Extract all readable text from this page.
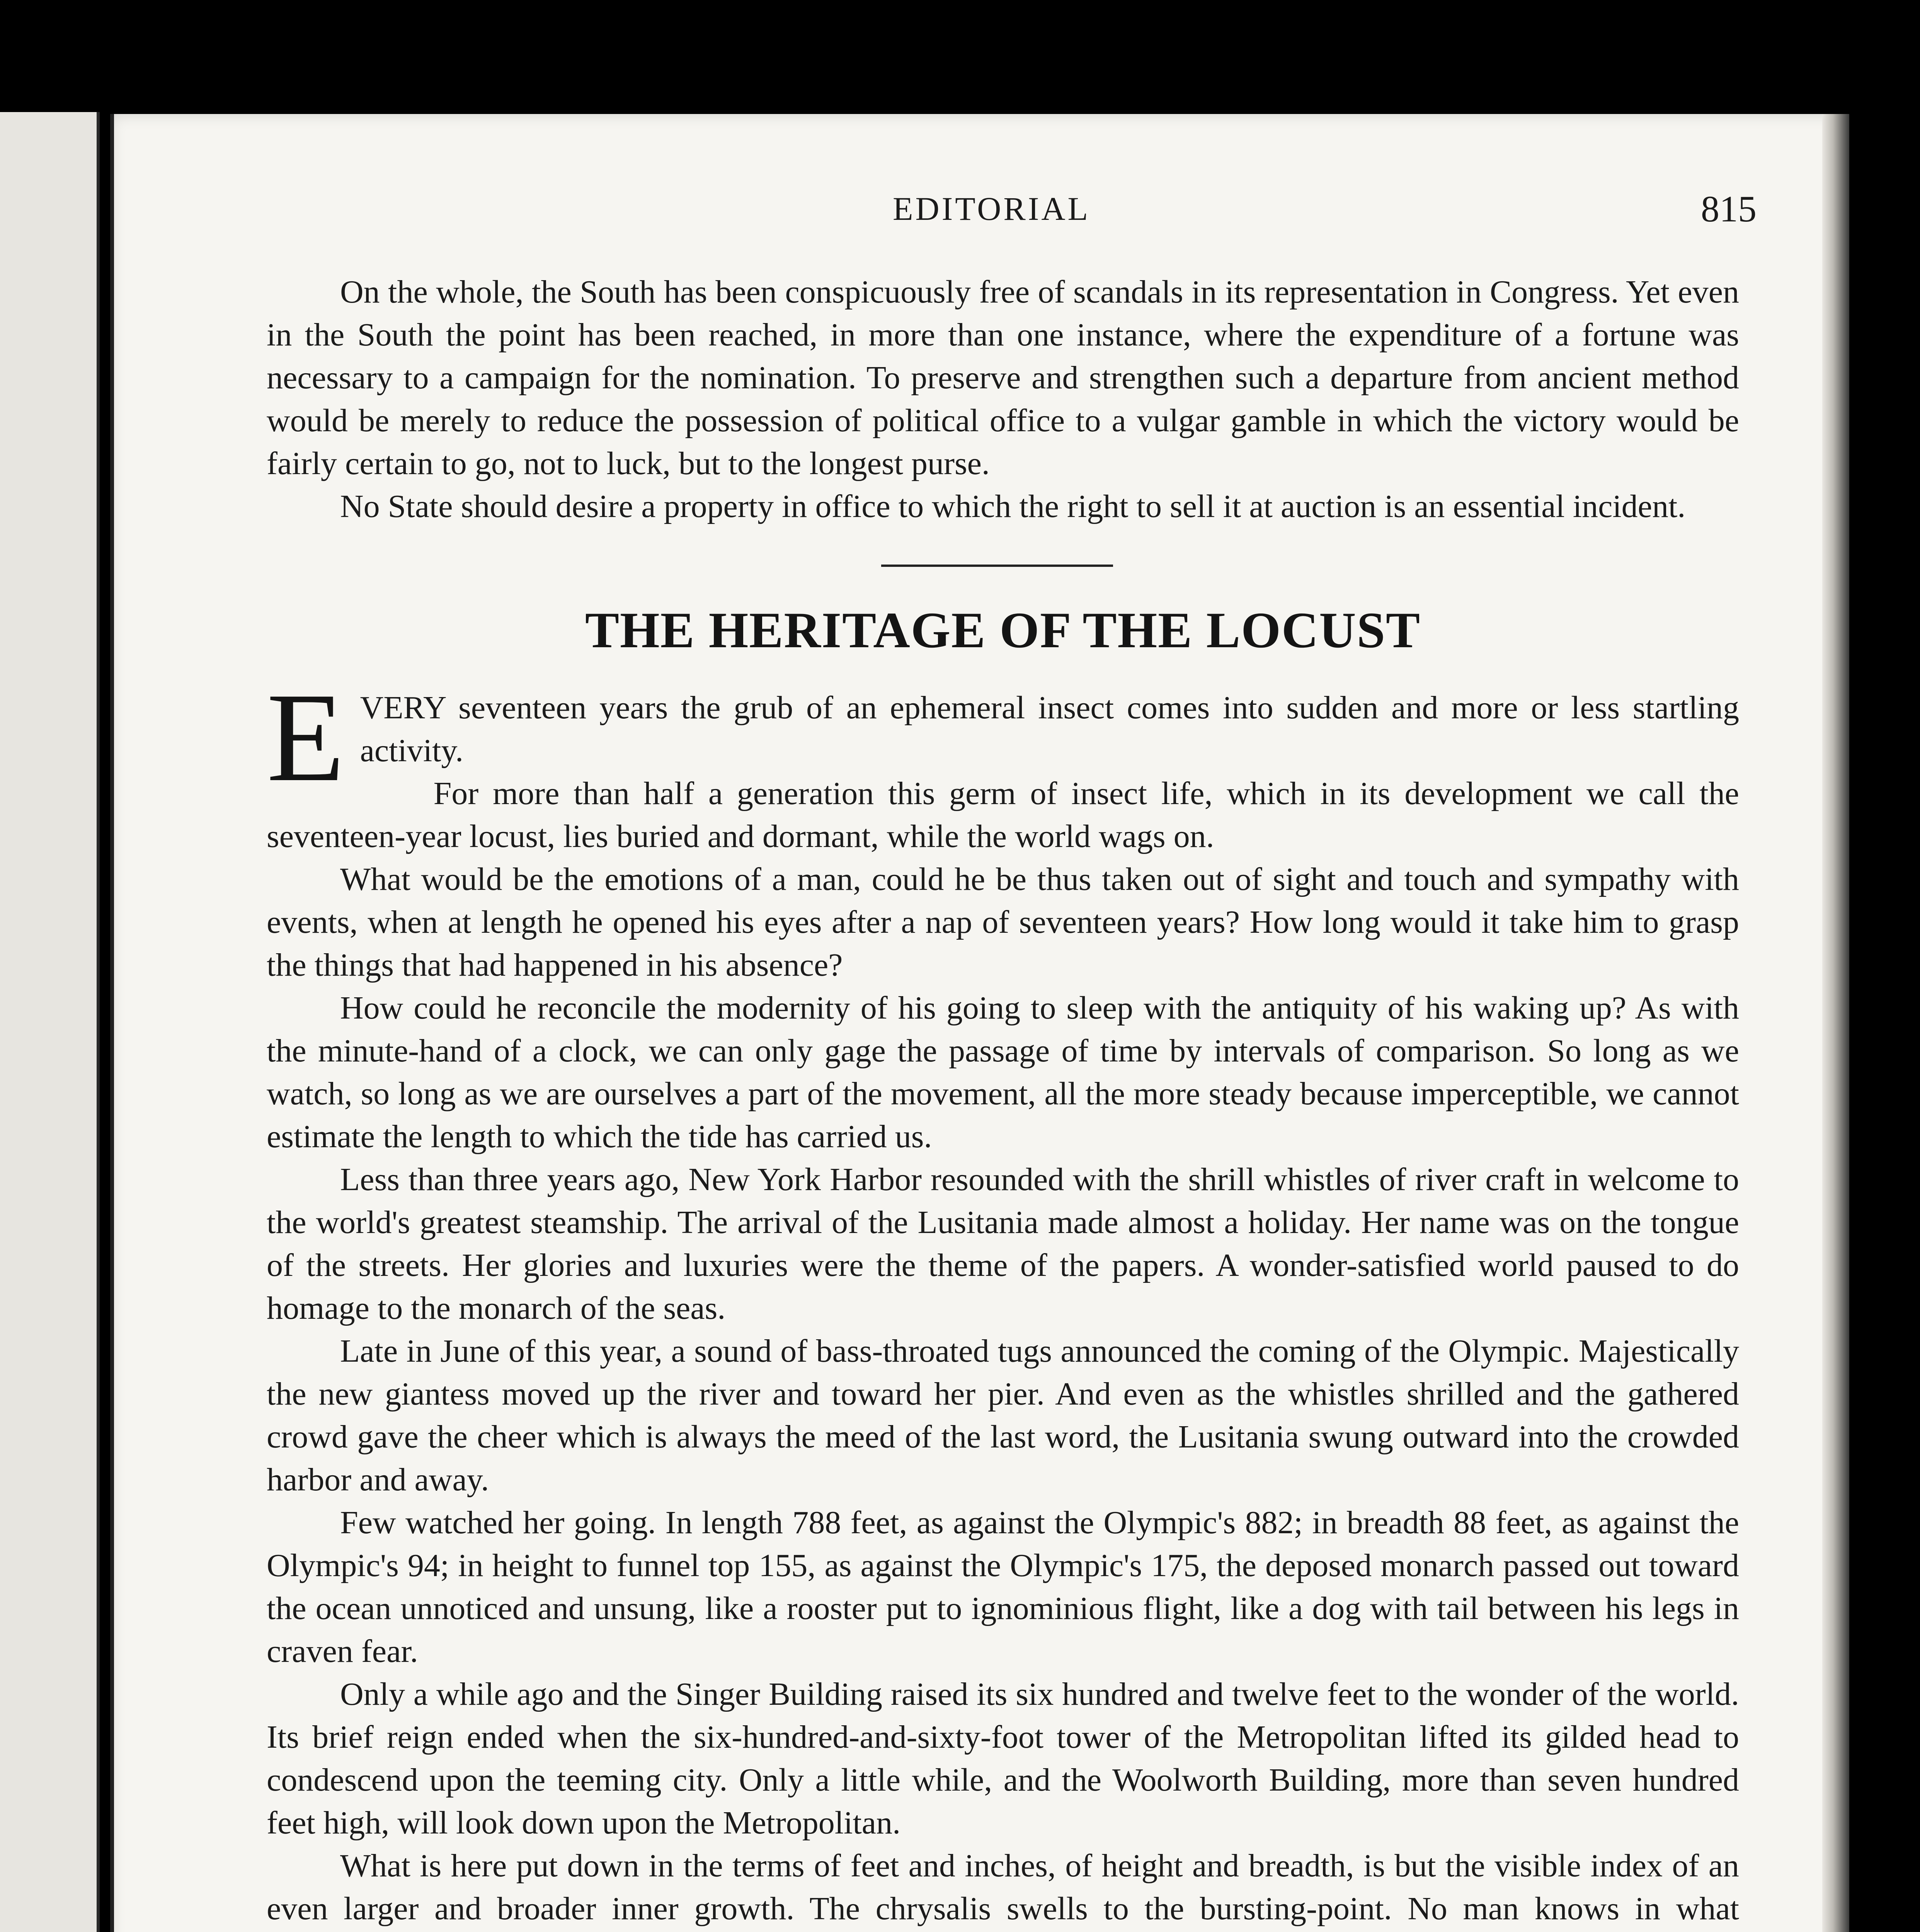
EDITORIAL	815

On the whole, the South has been conspicuously free of scandals in its representation in Congress. Yet even in the South the point has been reached, in more than one instance, where the expenditure of a fortune was necessary to a campaign for the nomination. To preserve and strengthen such a departure from ancient method would be merely to reduce the possession of political office to a vulgar gamble in which the victory would be fairly certain to go, not to luck, but to the longest purse.

No State should desire a property in office to which the right to sell it at auction is an essential incident.

THE HERITAGE OF THE LOCUST

EVERY seventeen years the grub of an ephemeral insect comes into sudden and more or less startling activity.

For more than half a generation this germ of insect life, which in its development we call the seventeen-year locust, lies buried and dormant, while the world wags on.

What would be the emotions of a man, could he be thus taken out of sight and touch and sympathy with events, when at length he opened his eyes after a nap of seventeen years? How long would it take him to grasp the things that had happened in his absence?

How could he reconcile the modernity of his going to sleep with the antiquity of his waking up? As with the minute-hand of a clock, we can only gage the passage of time by intervals of comparison. So long as we watch, so long as we are ourselves a part of the movement, all the more steady because imperceptible, we cannot estimate the length to which the tide has carried us.

Less than three years ago, New York Harbor resounded with the shrill whistles of river craft in welcome to the world's greatest steamship. The arrival of the Lusitania made almost a holiday. Her name was on the tongue of the streets. Her glories and luxuries were the theme of the papers. A wonder-satisfied world paused to do homage to the monarch of the seas.

Late in June of this year, a sound of bass-throated tugs announced the coming of the Olympic. Majestically the new giantess moved up the river and toward her pier. And even as the whistles shrilled and the gathered crowd gave the cheer which is always the meed of the last word, the Lusitania swung outward into the crowded harbor and away.

Few watched her going. In length 788 feet, as against the Olympic's 882; in breadth 88 feet, as against the Olympic's 94; in height to funnel top 155, as against the Olympic's 175, the deposed monarch passed out toward the ocean unnoticed and unsung, like a rooster put to ignominious flight, like a dog with tail between his legs in craven fear.

Only a while ago and the Singer Building raised its six hundred and twelve feet to the wonder of the world. Its brief reign ended when the six-hundred-and-sixty-foot tower of the Metropolitan lifted its gilded head to condescend upon the teeming city. Only a little while, and the Woolworth Building, more than seven hundred feet high, will look down upon the Metropolitan.

What is here put down in the terms of feet and inches, of height and breadth, is but the visible index of an even larger and broader inner growth. The chrysalis swells to the bursting-point. No man knows in what
